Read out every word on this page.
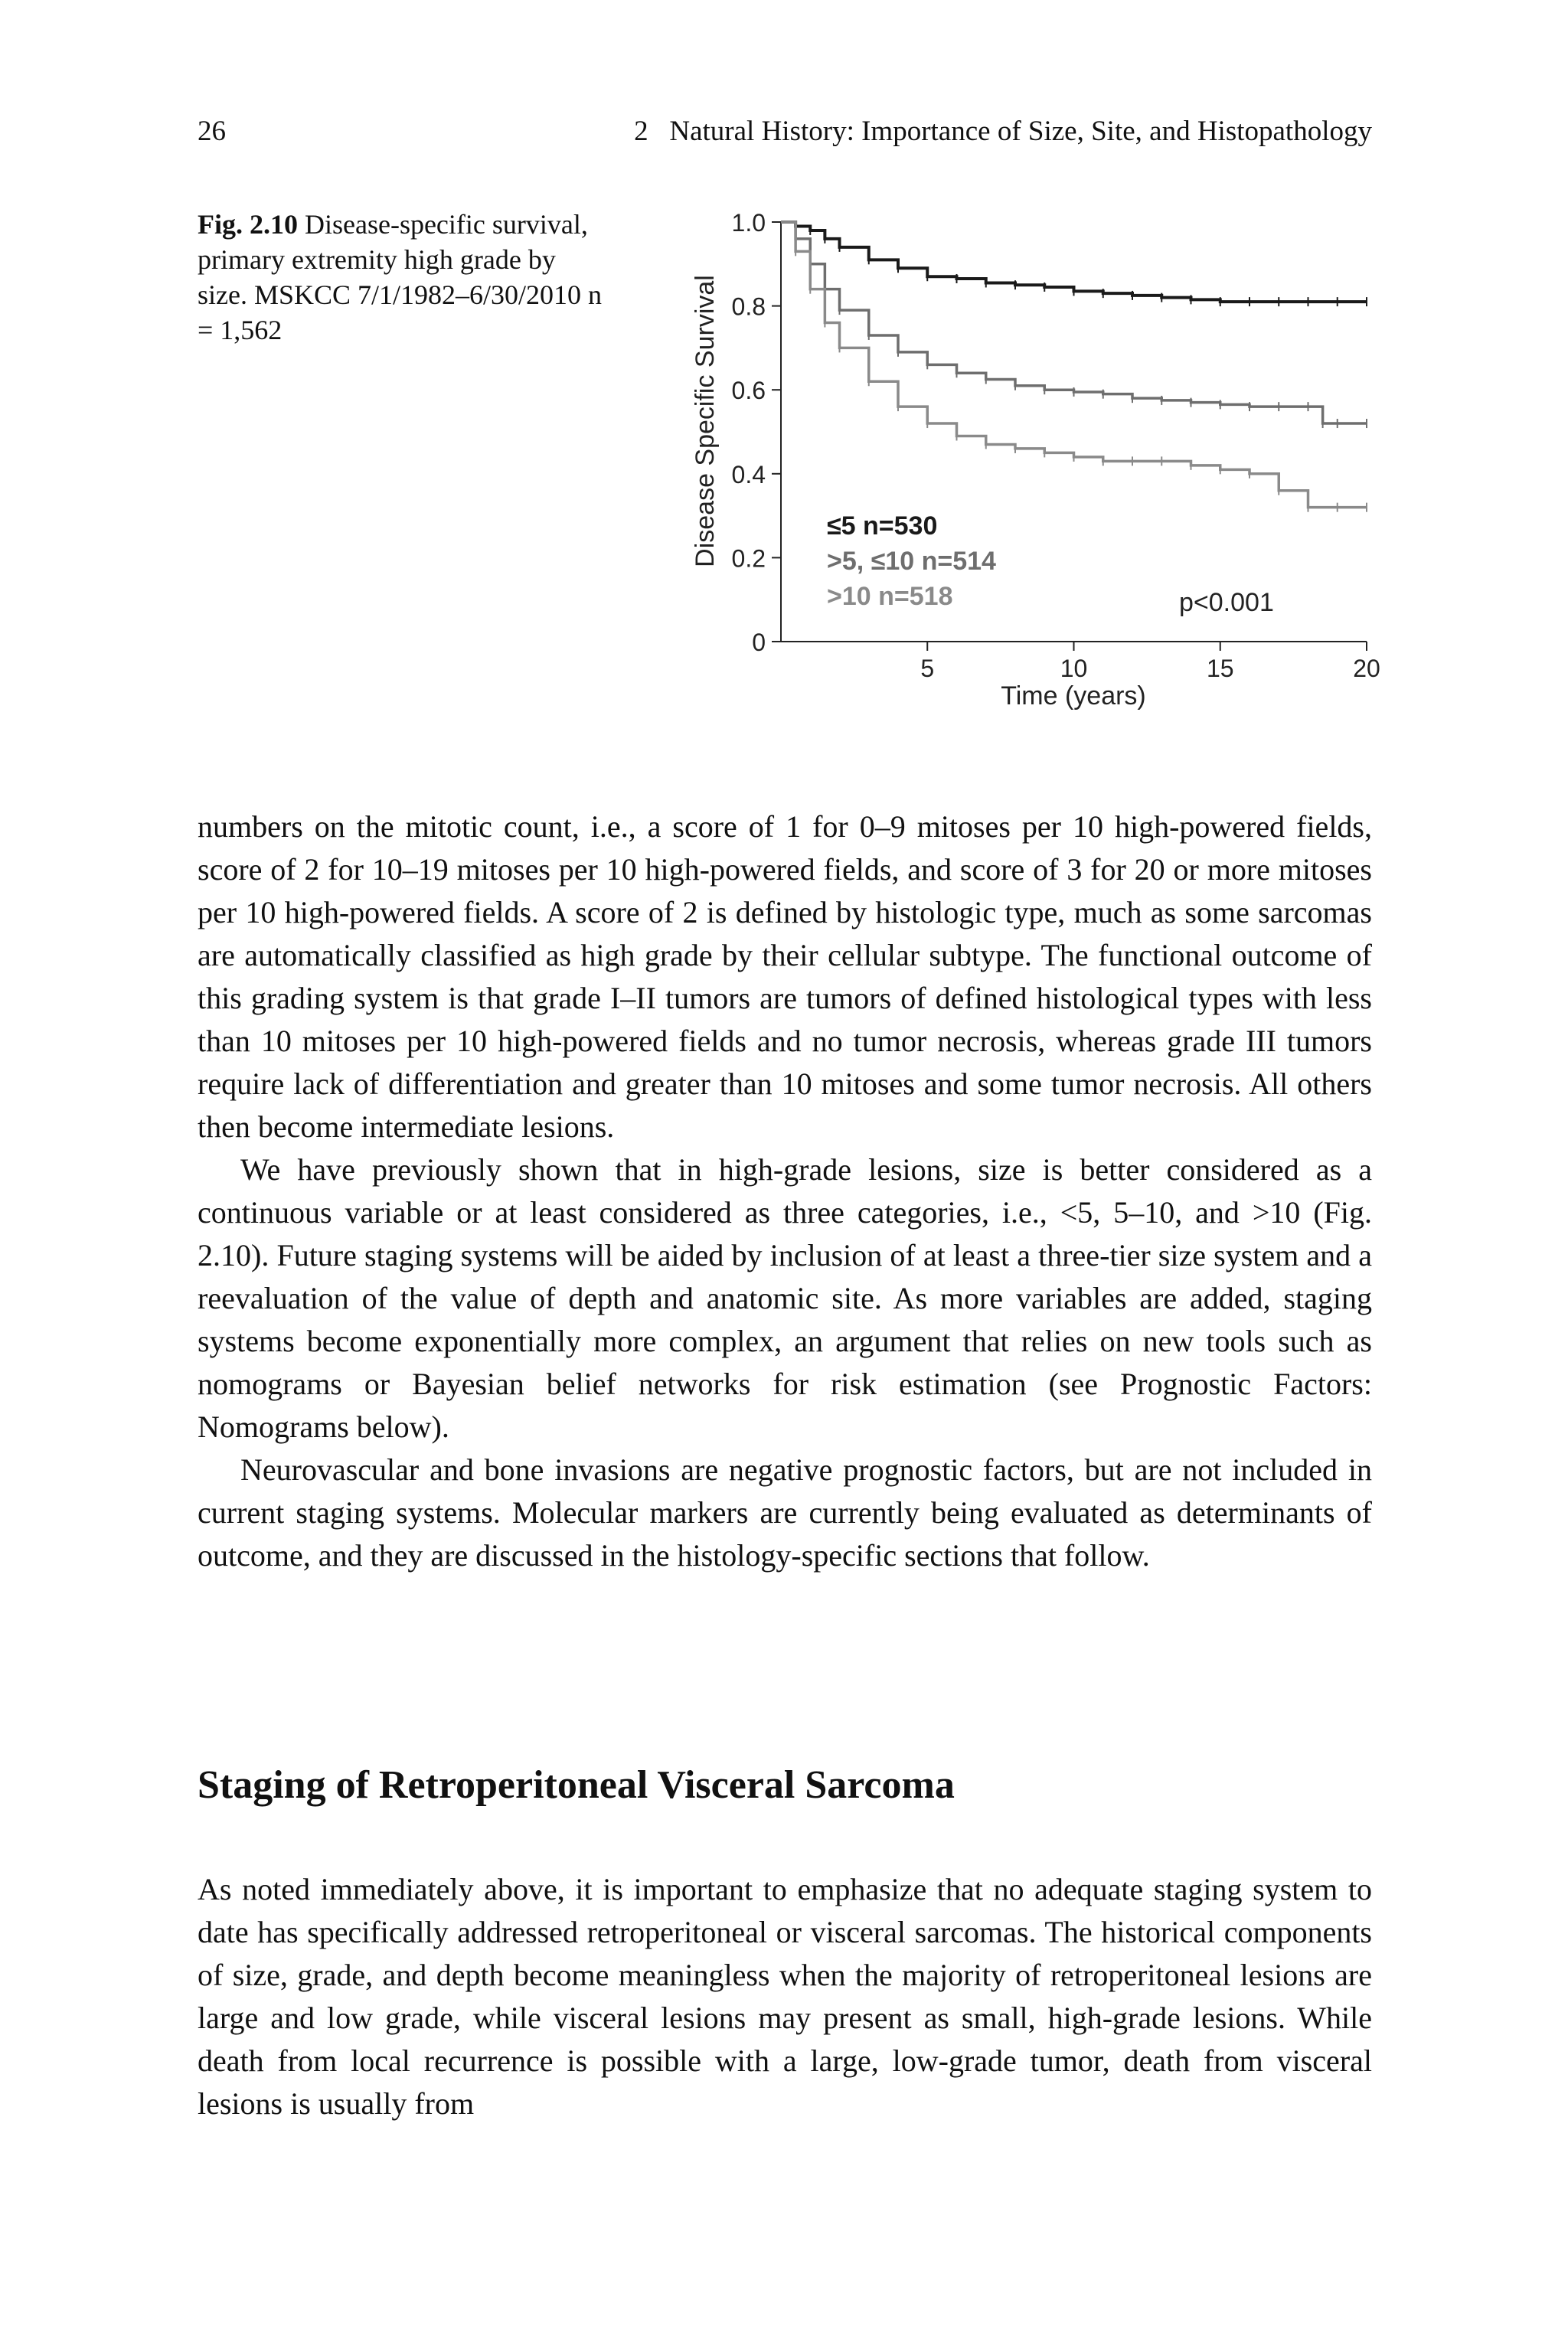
26	2   Natural History: Importance of Size, Site, and Histopathology
Fig. 2.10 Disease-specific survival, primary extremity high grade by size. MSKCC 7/1/1982–6/30/2010 n = 1,562
0
0.2
0.4
0.6
0.8
1.0
5	10	15	20
≤5 n=530
>5, ≤10 n=514
>10 n=518
Disease Specific Survival
Time (years)
p<0.001

numbers on the mitotic count, i.e., a score of 1 for 0–9 mitoses per 10 high-powered fields, score of 2 for 10–19 mitoses per 10 high-powered fields, and score of 3 for 20 or more mitoses per 10 high-powered fields. A score of 2 is defined by histologic type, much as some sarcomas are automatically classified as high grade by their cellular subtype. The functional outcome of this grading system is that grade I–II tumors are tumors of defined histological types with less than 10 mitoses per 10 high-powered fields and no tumor necrosis, whereas grade III tumors require lack of differentiation and greater than 10 mitoses and some tumor necrosis. All others then become intermediate lesions.

We have previously shown that in high-grade lesions, size is better considered as a continuous variable or at least considered as three categories, i.e., <5, 5–10, and >10 (Fig. 2.10). Future staging systems will be aided by inclusion of at least a three-tier size system and a reevaluation of the value of depth and anatomic site. As more variables are added, staging systems become exponentially more complex, an argument that relies on new tools such as nomograms or Bayesian belief networks for risk estimation (see Prognostic Factors: Nomograms below).

Neurovascular and bone invasions are negative prognostic factors, but are not included in current staging systems. Molecular markers are currently being evaluated as determinants of outcome, and they are discussed in the histology-specific sections that follow.

Staging of Retroperitoneal Visceral Sarcoma

As noted immediately above, it is important to emphasize that no adequate staging system to date has specifically addressed retroperitoneal or visceral sarcomas. The historical components of size, grade, and depth become meaningless when the majority of retroperitoneal lesions are large and low grade, while visceral lesions may present as small, high-grade lesions. While death from local recurrence is possible with a large, low-grade tumor, death from visceral lesions is usually from
